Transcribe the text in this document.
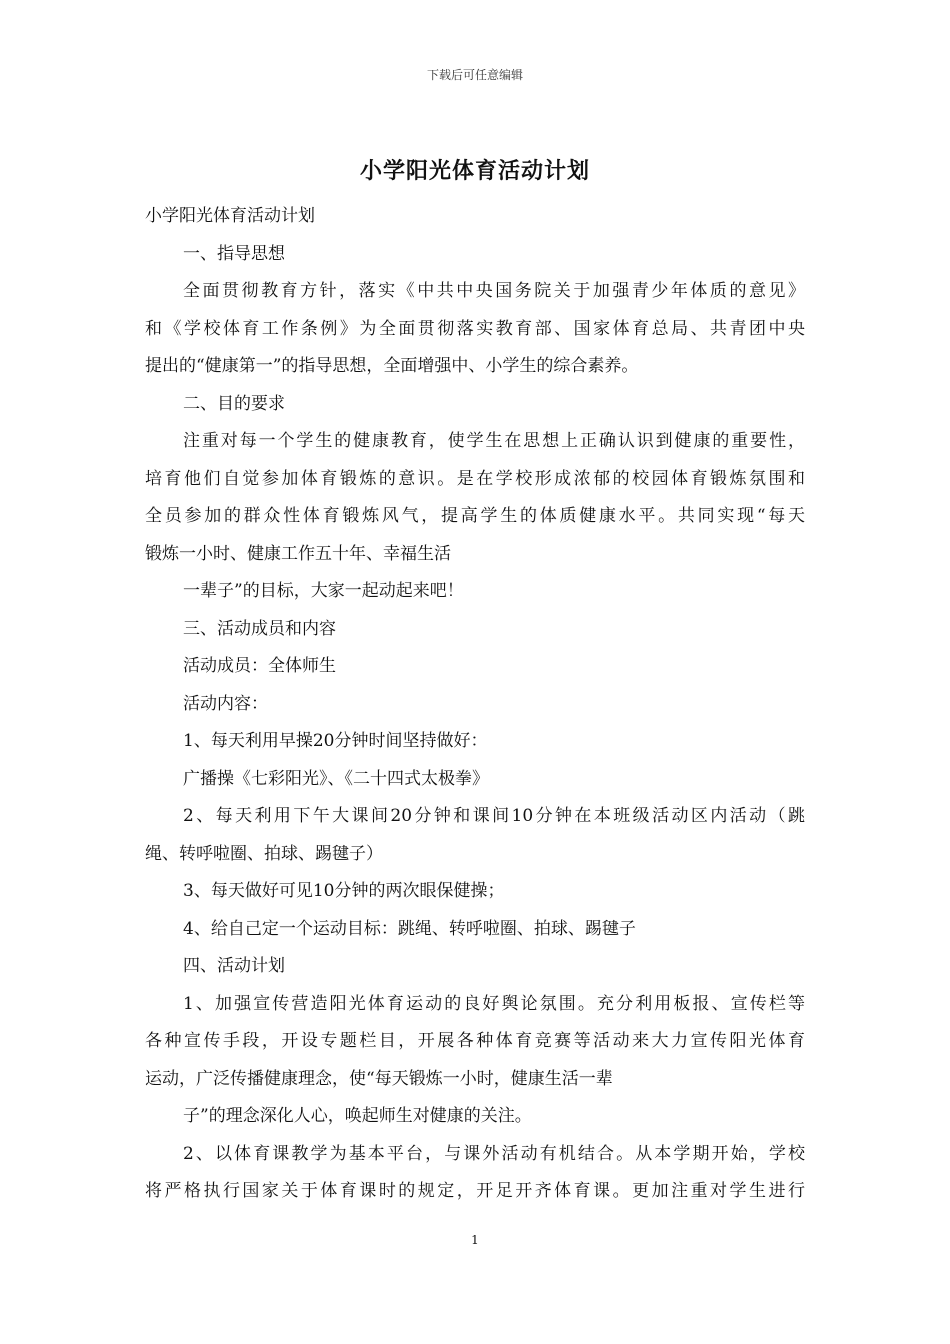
下载后可任意编辑
小学阳光体育活动计划
小学阳光体育活动计划
一、指导思想
全面贯彻教育方针，落实《中共中央国务院关于加强青少年体质的意见》
和《学校体育工作条例》为全面贯彻落实教育部、国家体育总局、共青团中央
提出的“健康第一”的指导思想，全面增强中、小学生的综合素养。
二、目的要求
注重对每一个学生的健康教育，使学生在思想上正确认识到健康的重要性，
培育他们自觉参加体育锻炼的意识。是在学校形成浓郁的校园体育锻炼氛围和
全员参加的群众性体育锻炼风气，提高学生的体质健康水平。共同实现“每天
锻炼一小时、健康工作五十年、幸福生活
一辈子”的目标，大家一起动起来吧！
三、活动成员和内容
活动成员：全体师生
活动内容：
1、每天利用早操20分钟时间坚持做好：
广播操《七彩阳光》、《二十四式太极拳》
2、每天利用下午大课间20分钟和课间10分钟在本班级活动区内活动（跳
绳、转呼啦圈、拍球、踢毽子）
3、每天做好可见10分钟的两次眼保健操；
4、给自己定一个运动目标：跳绳、转呼啦圈、拍球、踢毽子
四、活动计划
1、加强宣传营造阳光体育运动的良好舆论氛围。充分利用板报、宣传栏等
各种宣传手段，开设专题栏目，开展各种体育竞赛等活动来大力宣传阳光体育
运动，广泛传播健康理念，使“每天锻炼一小时，健康生活一辈
子”的理念深化人心，唤起师生对健康的关注。
2、以体育课教学为基本平台，与课外活动有机结合。从本学期开始，学校
将严格执行国家关于体育课时的规定，开足开齐体育课。更加注重对学生进行
1
